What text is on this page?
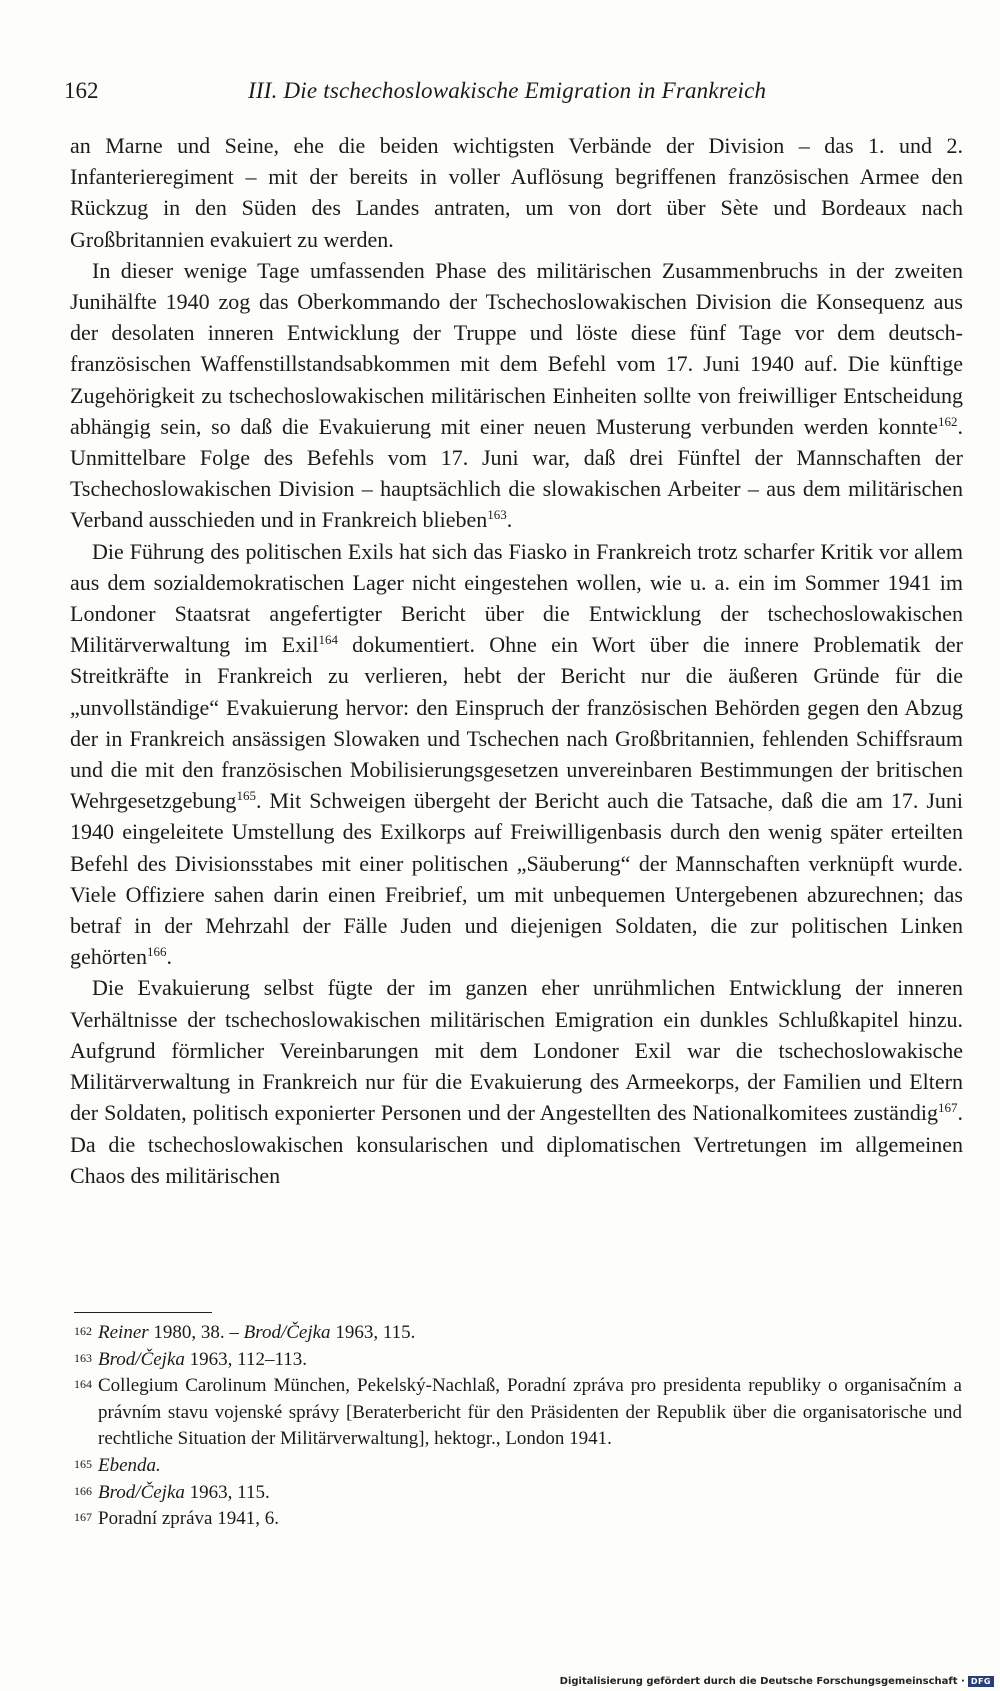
162	III. Die tschechoslowakische Emigration in Frankreich

an Marne und Seine, ehe die beiden wichtigsten Verbände der Division – das 1. und 2. Infanterieregiment – mit der bereits in voller Auflösung begriffenen französischen Armee den Rückzug in den Süden des Landes antraten, um von dort über Sète und Bordeaux nach Großbritannien evakuiert zu werden.

In dieser wenige Tage umfassenden Phase des militärischen Zusammenbruchs in der zweiten Junihälfte 1940 zog das Oberkommando der Tschechoslowakischen Division die Konsequenz aus der desolaten inneren Entwicklung der Truppe und löste diese fünf Tage vor dem deutsch-französischen Waffenstillstandsabkommen mit dem Befehl vom 17. Juni 1940 auf. Die künftige Zugehörigkeit zu tschechoslowakischen militärischen Einheiten sollte von freiwilliger Entscheidung abhängig sein, so daß die Evakuierung mit einer neuen Musterung verbunden werden konnte$^{162}$. Unmittelbare Folge des Befehls vom 17. Juni war, daß drei Fünftel der Mannschaften der Tschechoslowakischen Division – hauptsächlich die slowakischen Arbeiter – aus dem militärischen Verband ausschieden und in Frankreich blieben$^{163}$.

Die Führung des politischen Exils hat sich das Fiasko in Frankreich trotz scharfer Kritik vor allem aus dem sozialdemokratischen Lager nicht eingestehen wollen, wie u. a. ein im Sommer 1941 im Londoner Staatsrat angefertigter Bericht über die Entwicklung der tschechoslowakischen Militärverwaltung im Exil$^{164}$ dokumentiert. Ohne ein Wort über die innere Problematik der Streitkräfte in Frankreich zu verlieren, hebt der Bericht nur die äußeren Gründe für die „unvollständige“ Evakuierung hervor: den Einspruch der französischen Behörden gegen den Abzug der in Frankreich ansässigen Slowaken und Tschechen nach Großbritannien, fehlenden Schiffsraum und die mit den französischen Mobilisierungsgesetzen unvereinbaren Bestimmungen der britischen Wehrgesetzgebung$^{165}$. Mit Schweigen übergeht der Bericht auch die Tatsache, daß die am 17. Juni 1940 eingeleitete Umstellung des Exilkorps auf Freiwilligenbasis durch den wenig später erteilten Befehl des Divisionsstabes mit einer politischen „Säuberung“ der Mannschaften verknüpft wurde. Viele Offiziere sahen darin einen Freibrief, um mit unbequemen Untergebenen abzurechnen; das betraf in der Mehrzahl der Fälle Juden und diejenigen Soldaten, die zur politischen Linken gehörten$^{166}$.

Die Evakuierung selbst fügte der im ganzen eher unrühmlichen Entwicklung der inneren Verhältnisse der tschechoslowakischen militärischen Emigration ein dunkles Schlußkapitel hinzu. Aufgrund förmlicher Vereinbarungen mit dem Londoner Exil war die tschechoslowakische Militärverwaltung in Frankreich nur für die Evakuierung des Armeekorps, der Familien und Eltern der Soldaten, politisch exponierter Personen und der Angestellten des Nationalkomitees zuständig$^{167}$. Da die tschechoslowakischen konsularischen und diplomatischen Vertretungen im allgemeinen Chaos des militärischen

162 Reiner 1980, 38. – Brod/Čejka 1963, 115.
163 Brod/Čejka 1963, 112–113.
164 Collegium Carolinum München, Pekelský-Nachlaß, Poradní zpráva pro presidenta republiky o organisačním a právním stavu vojenské správy [Beraterbericht für den Präsidenten der Republik über die organisatorische und rechtliche Situation der Militärverwaltung], hektogr., London 1941.
165 Ebenda.
166 Brod/Čejka 1963, 115.
167 Poradní zpráva 1941, 6.
Digitalisierung gefördert durch die Deutsche Forschungsgemeinschaft · DFG
